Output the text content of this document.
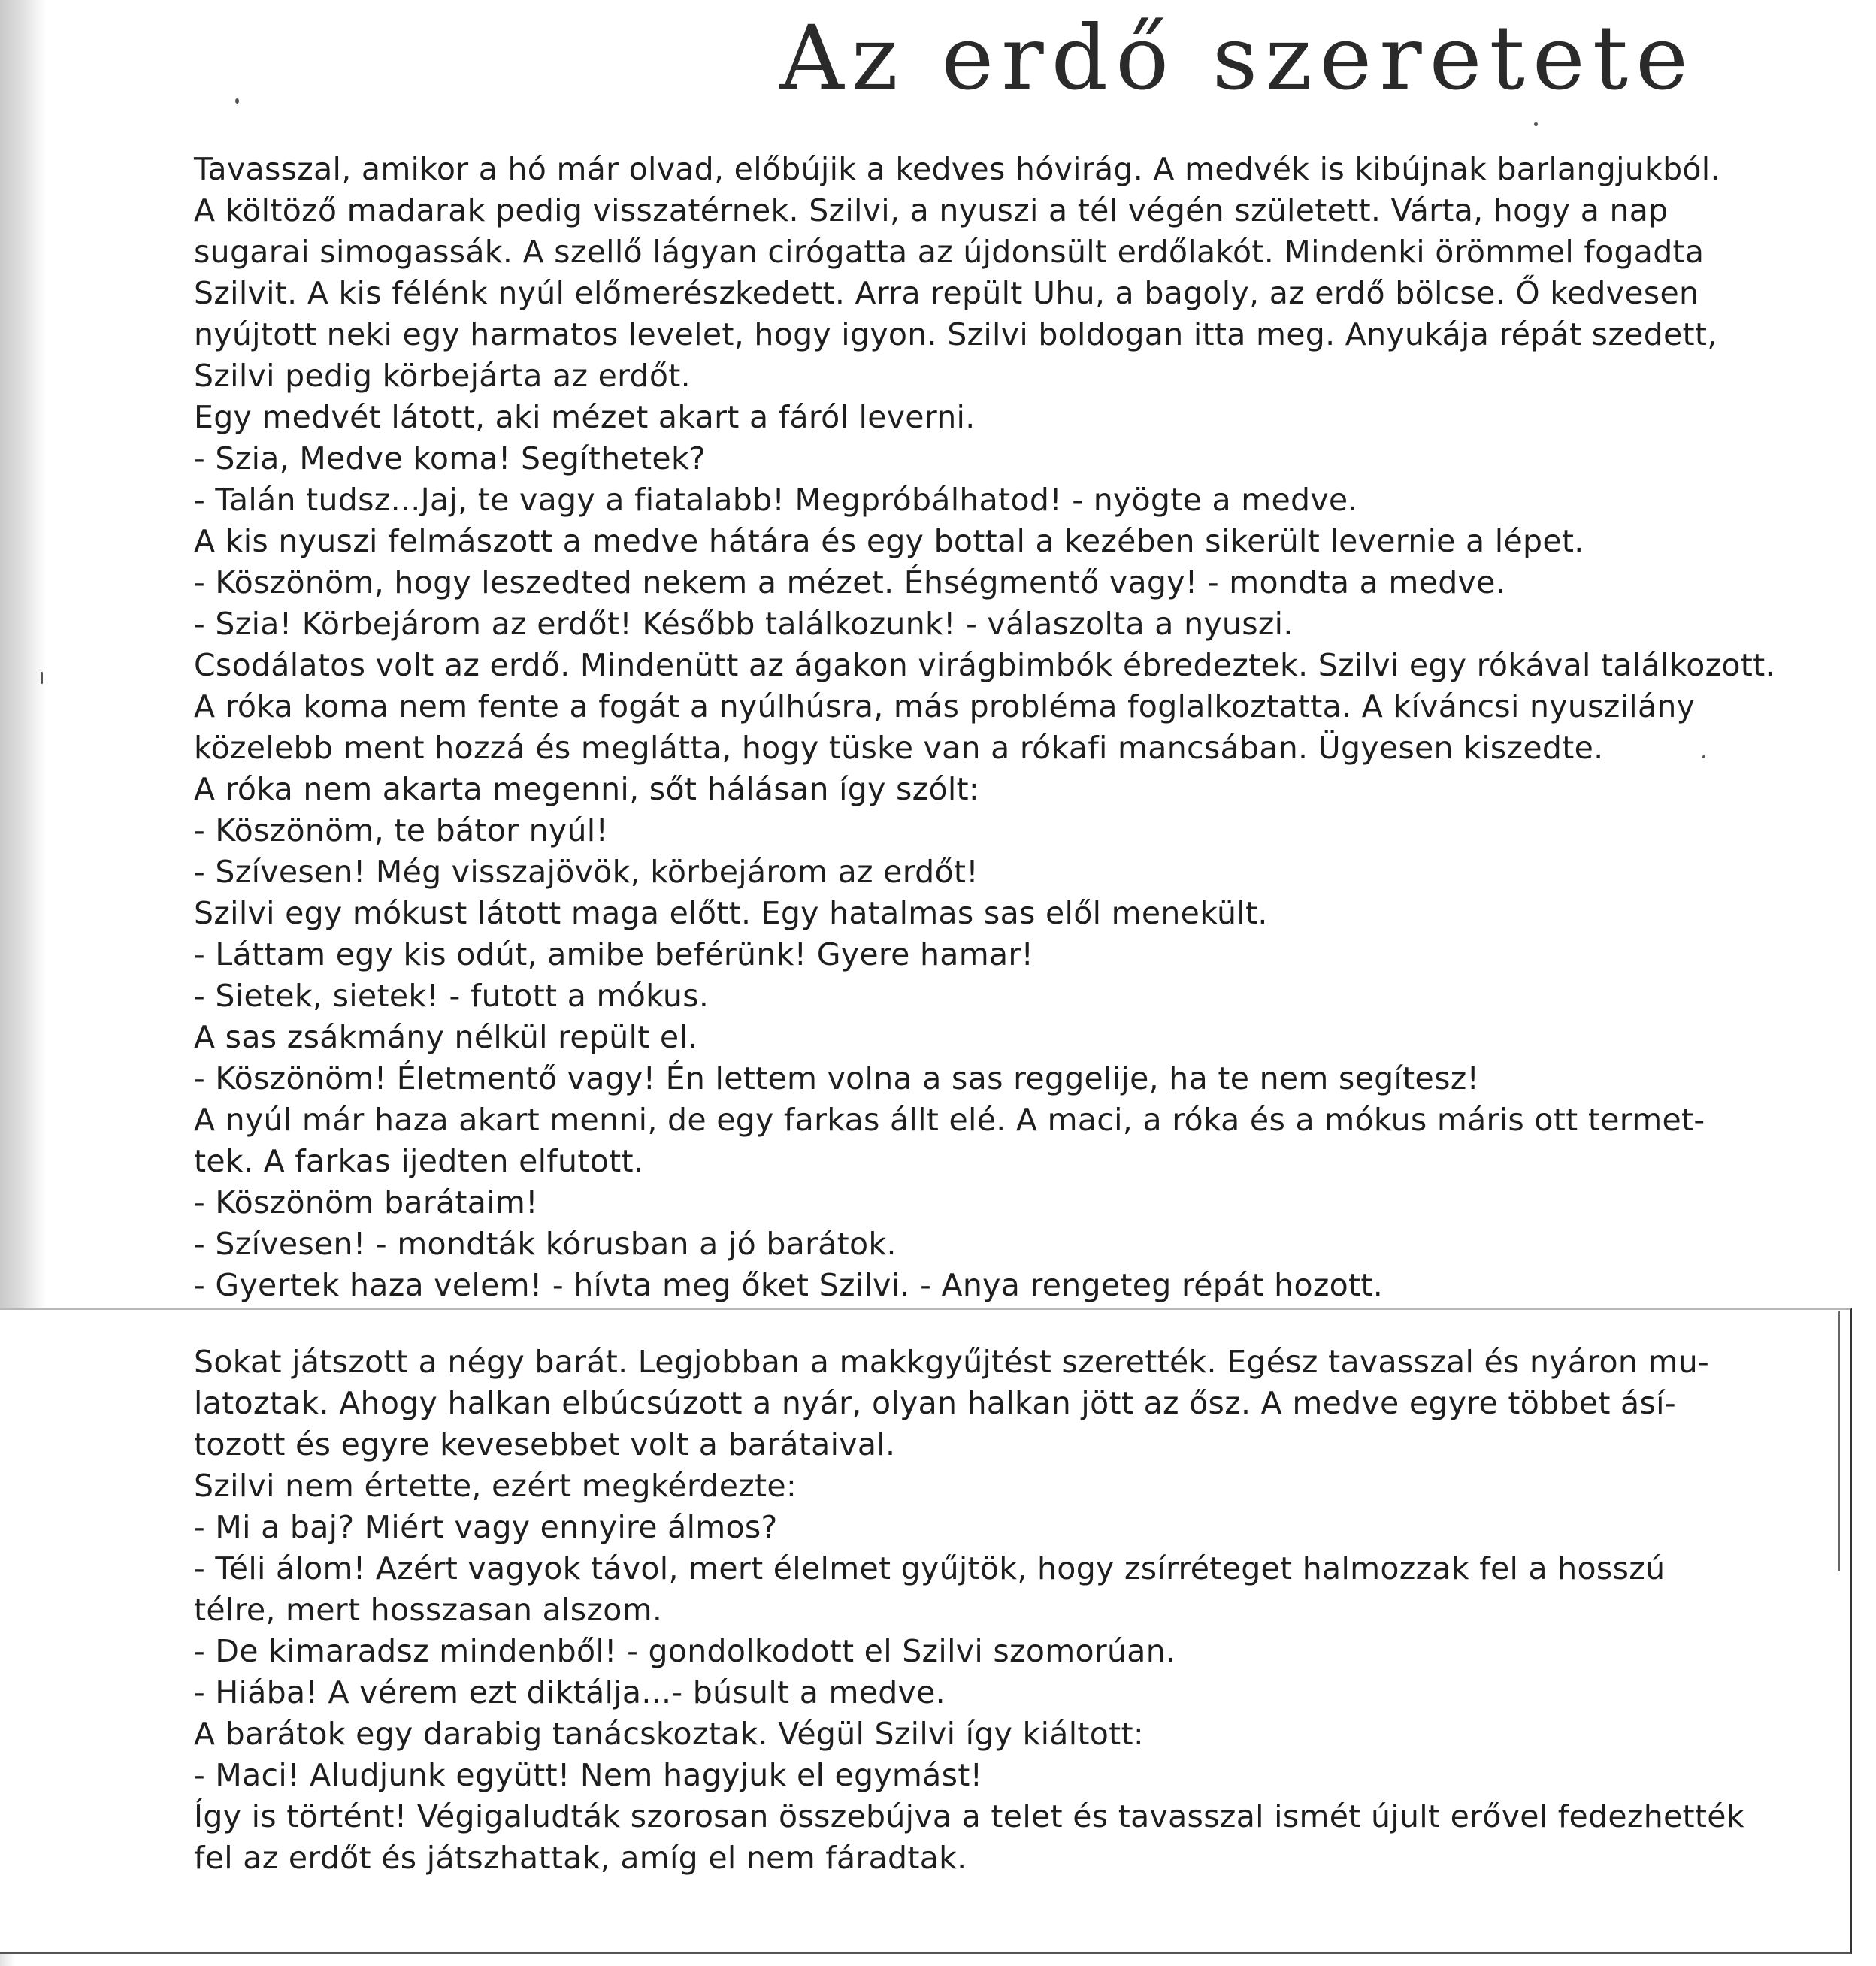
Az erdő szeretete
Tavasszal, amikor a hó már olvad, előbújik a kedves hóvirág. A medvék is kibújnak barlangjukból.
A költöző madarak pedig visszatérnek. Szilvi, a nyuszi a tél végén született. Várta, hogy a nap
sugarai simogassák. A szellő lágyan cirógatta az újdonsült erdőlakót. Mindenki örömmel fogadta
Szilvit. A kis félénk nyúl előmerészkedett. Arra repült Uhu, a bagoly, az erdő bölcse. Ő kedvesen
nyújtott neki egy harmatos levelet, hogy igyon. Szilvi boldogan itta meg. Anyukája répát szedett,
Szilvi pedig körbejárta az erdőt.
Egy medvét látott, aki mézet akart a fáról leverni.
- Szia, Medve koma! Segíthetek?
- Talán tudsz...Jaj, te vagy a fiatalabb! Megpróbálhatod! - nyögte a medve.
A kis nyuszi felmászott a medve hátára és egy bottal a kezében sikerült levernie a lépet.
- Köszönöm, hogy leszedted nekem a mézet. Éhségmentő vagy! - mondta a medve.
- Szia! Körbejárom az erdőt! Később találkozunk! - válaszolta a nyuszi.
Csodálatos volt az erdő. Mindenütt az ágakon virágbimbók ébredeztek. Szilvi egy rókával találkozott.
A róka koma nem fente a fogát a nyúlhúsra, más probléma foglalkoztatta. A kíváncsi nyuszilány
közelebb ment hozzá és meglátta, hogy tüske van a rókafi mancsában. Ügyesen kiszedte.
A róka nem akarta megenni, sőt hálásan így szólt:
- Köszönöm, te bátor nyúl!
- Szívesen! Még visszajövök, körbejárom az erdőt!
Szilvi egy mókust látott maga előtt. Egy hatalmas sas elől menekült.
- Láttam egy kis odút, amibe beférünk! Gyere hamar!
- Sietek, sietek! - futott a mókus.
A sas zsákmány nélkül repült el.
- Köszönöm! Életmentő vagy! Én lettem volna a sas reggelije, ha te nem segítesz!
A nyúl már haza akart menni, de egy farkas állt elé. A maci, a róka és a mókus máris ott termet-
tek. A farkas ijedten elfutott.
- Köszönöm barátaim!
- Szívesen! - mondták kórusban a jó barátok.
- Gyertek haza velem! - hívta meg őket Szilvi. - Anya rengeteg répát hozott.
Sokat játszott a négy barát. Legjobban a makkgyűjtést szerették. Egész tavasszal és nyáron mu-
latoztak. Ahogy halkan elbúcsúzott a nyár, olyan halkan jött az ősz. A medve egyre többet ásí-
tozott és egyre kevesebbet volt a barátaival.
Szilvi nem értette, ezért megkérdezte:
- Mi a baj? Miért vagy ennyire álmos?
- Téli álom! Azért vagyok távol, mert élelmet gyűjtök, hogy zsírréteget halmozzak fel a hosszú
télre, mert hosszasan alszom.
- De kimaradsz mindenből! - gondolkodott el Szilvi szomorúan.
- Hiába! A vérem ezt diktálja...- búsult a medve.
A barátok egy darabig tanácskoztak. Végül Szilvi így kiáltott:
- Maci! Aludjunk együtt! Nem hagyjuk el egymást!
Így is történt! Végigaludták szorosan összebújva a telet és tavasszal ismét újult erővel fedezhették
fel az erdőt és játszhattak, amíg el nem fáradtak.
